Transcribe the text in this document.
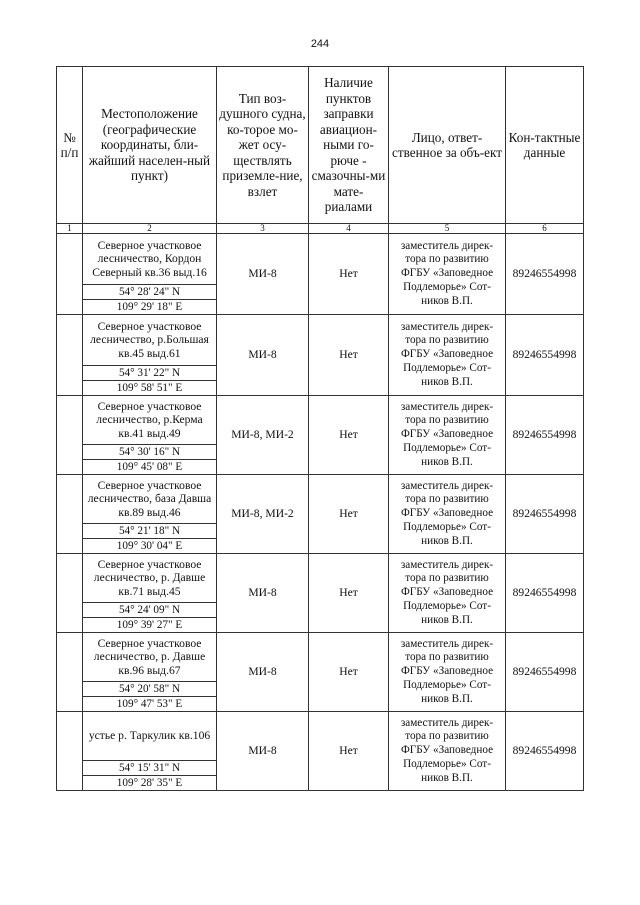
244
№ п/п	Местоположение (географические координаты, бли-жайший населен-ный пункт)	Тип воз-душного судна, ко-торое мо-жет осу-ществлять приземле-ние, взлет	Наличие пунктов заправки авиацион-ными го-рюче - смазочны-ми мате-риалами	Лицо, ответ-ственное за объ-ект	Кон-тактные данные
1	2	3	4	5	6
	Северное участковое лесничество, Кордон Северный кв.36 выд.16	МИ-8	Нет	заместитель дирек-тора по развитию ФГБУ «Заповедное Подлеморье» Сот-ников В.П.	89246554998
	54° 28' 24" N				
	109° 29' 18" E				
	Северное участковое лесничество, р.Большая кв.45 выд.61	МИ-8	Нет	заместитель дирек-тора по развитию ФГБУ «Заповедное Подлеморье» Сот-ников В.П.	89246554998
	54° 31' 22" N				
	109° 58' 51" E				
	Северное участковое лесничество, р.Керма кв.41 выд.49	МИ-8, МИ-2	Нет	заместитель дирек-тора по развитию ФГБУ «Заповедное Подлеморье» Сот-ников В.П.	89246554998
	54° 30' 16" N				
	109° 45' 08" E				
	Северное участковое лесничество, база Давша кв.89 выд.46	МИ-8, МИ-2	Нет	заместитель дирек-тора по развитию ФГБУ «Заповедное Подлеморье» Сот-ников В.П.	89246554998
	54° 21' 18" N				
	109° 30' 04" E				
	Северное участковое лесничество, р. Давше кв.71 выд.45	МИ-8	Нет	заместитель дирек-тора по развитию ФГБУ «Заповедное Подлеморье» Сот-ников В.П.	89246554998
	54° 24' 09" N				
	109° 39' 27" E				
	Северное участковое лесничество, р. Давше кв.96 выд.67	МИ-8	Нет	заместитель дирек-тора по развитию ФГБУ «Заповедное Подлеморье» Сот-ников В.П.	89246554998
	54° 20' 58" N				
	109° 47' 53" E				
	устье р. Таркулик кв.106	МИ-8	Нет	заместитель дирек-тора по развитию ФГБУ «Заповедное Подлеморье» Сот-ников В.П.	89246554998
	54° 15' 31" N				
	109° 28' 35" E				
